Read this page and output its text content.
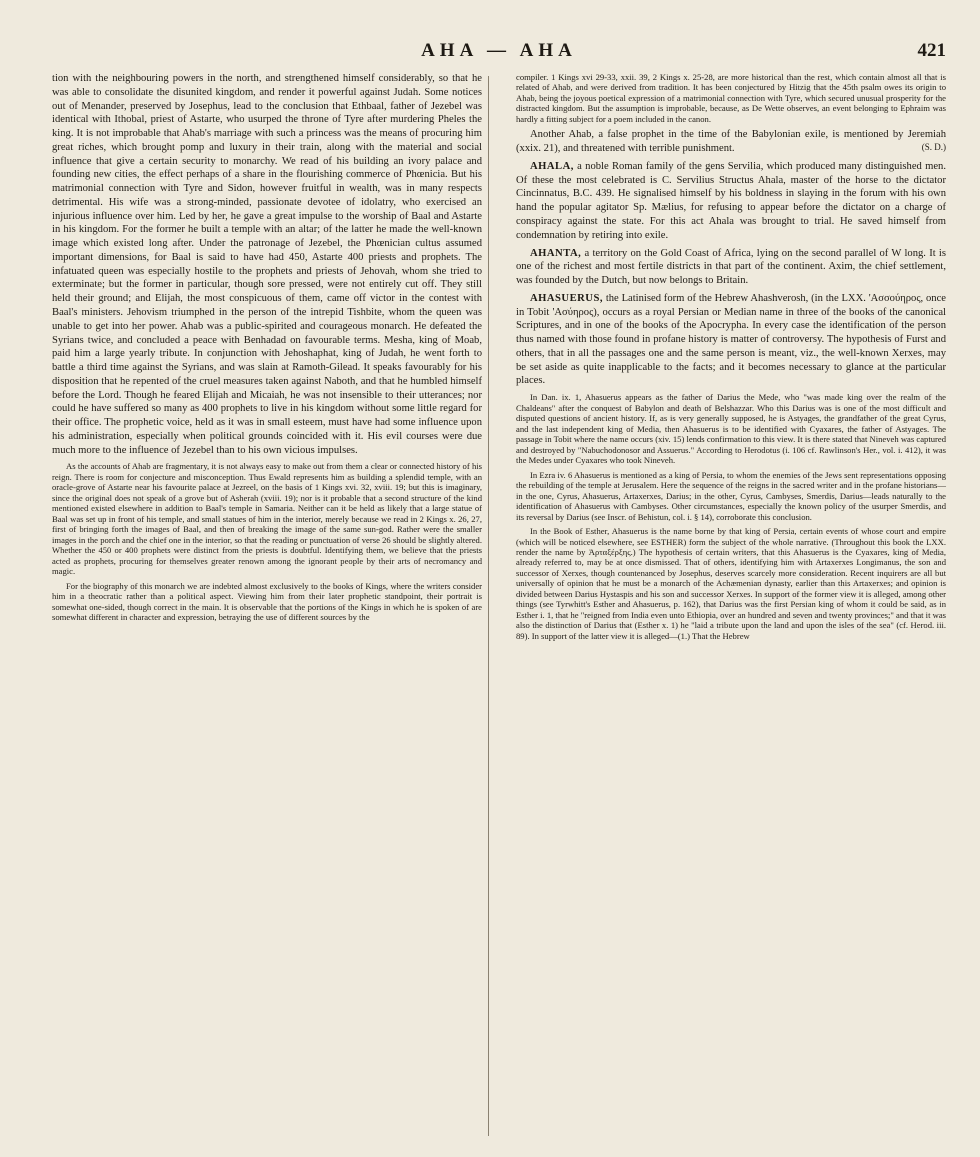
AHA — AHA	421

tion with the neighbouring powers in the north, and strengthened himself considerably, so that he was able to consolidate the disunited kingdom, and render it powerful against Judah. Some notices out of Menander, preserved by Josephus, lead to the conclusion that Ethbaal, father of Jezebel was identical with Ithobal, priest of Astarte, who usurped the throne of Tyre after murdering Pheles the king. It is not improbable that Ahab's marriage with such a princess was the means of procuring him great riches, which brought pomp and luxury in their train, along with the material and social influence that give a certain security to monarchy. We read of his building an ivory palace and founding new cities, the effect perhaps of a share in the flourishing commerce of Phœnicia. But his matrimonial connection with Tyre and Sidon, however fruitful in wealth, was in many respects detrimental. His wife was a strong-minded, passionate devotee of idolatry, who exercised an injurious influence over him. Led by her, he gave a great impulse to the worship of Baal and Astarte in his kingdom. For the former he built a temple with an altar; of the latter he made the well-known image which existed long after. Under the patronage of Jezebel, the Phœnician cultus assumed important dimensions, for Baal is said to have had 450, Astarte 400 priests and prophets. The infatuated queen was especially hostile to the prophets and priests of Jehovah, whom she tried to exterminate; but the former in particular, though sore pressed, were not entirely cut off. They still held their ground; and Elijah, the most conspicuous of them, came off victor in the contest with Baal's ministers. Jehovism triumphed in the person of the intrepid Tishbite, whom the queen was unable to get into her power. Ahab was a public-spirited and courageous monarch. He defeated the Syrians twice, and concluded a peace with Benhadad on favourable terms. Mesha, king of Moab, paid him a large yearly tribute. In conjunction with Jehoshaphat, king of Judah, he went forth to battle a third time against the Syrians, and was slain at Ramoth-Gilead. It speaks favourably for his disposition that he repented of the cruel measures taken against Naboth, and that he humbled himself before the Lord. Though he feared Elijah and Micaiah, he was not insensible to their utterances; nor could he have suffered so many as 400 prophets to live in his kingdom without some little regard for their office. The prophetic voice, held as it was in small esteem, must have had some influence upon his administration, especially when political grounds coincided with it. His evil courses were due much more to the influence of Jezebel than to his own vicious impulses.

As the accounts of Ahab are fragmentary, it is not always easy to make out from them a clear or connected history of his reign. There is room for conjecture and misconception. Thus Ewald represents him as building a splendid temple, with an oracle-grove of Astarte near his favourite palace at Jezreel, on the basis of 1 Kings xvi. 32, xviii. 19; but this is imaginary, since the original does not speak of a grove but of Asherah (xviii. 19); nor is it probable that a second structure of the kind mentioned existed elsewhere in addition to Baal's temple in Samaria. Neither can it be held as likely that a large statue of Baal was set up in front of his temple, and small statues of him in the interior, merely because we read in 2 Kings x. 26, 27, first of bringing forth the images of Baal, and then of breaking the image of the same sun-god. Rather were the smaller images in the porch and the chief one in the interior, so that the reading or punctuation of verse 26 should be slightly altered. Whether the 450 or 400 prophets were distinct from the priests is doubtful. Identifying them, we believe that the priests acted as prophets, procuring for themselves greater renown among the ignorant people by their arts of necromancy and magic.

For the biography of this monarch we are indebted almost exclusively to the books of Kings, where the writers consider him in a theocratic rather than a political aspect. Viewing him from their later prophetic standpoint, their portrait is somewhat one-sided, though correct in the main. It is observable that the portions of the Kings in which he is spoken of are somewhat different in character and expression, betraying the use of different sources by the

compiler. 1 Kings xvi 29-33, xxii. 39, 2 Kings x. 25-28, are more historical than the rest, which contain almost all that is related of Ahab, and were derived from tradition. It has been conjectured by Hitzig that the 45th psalm owes its origin to Ahab, being the joyous poetical expression of a matrimonial connection with Tyre, which secured unusual prosperity for the distracted kingdom. But the assumption is improbable, because, as De Wette observes, an event belonging to Ephraim was hardly a fitting subject for a poem included in the canon.

Another Ahab, a false prophet in the time of the Babylonian exile, is mentioned by Jeremiah (xxix. 21), and threatened with terrible punishment.	(S. D.)

AHALA, a noble Roman family of the gens Servilia, which produced many distinguished men. Of these the most celebrated is C. Servilius Structus Ahala, master of the horse to the dictator Cincinnatus, B.C. 439. He signalised himself by his boldness in slaying in the forum with his own hand the popular agitator Sp. Mælius, for refusing to appear before the dictator on a charge of conspiracy against the state. For this act Ahala was brought to trial. He saved himself from condemnation by retiring into exile.

AHANTA, a territory on the Gold Coast of Africa, lying on the second parallel of W long. It is one of the richest and most fertile districts in that part of the continent. Axim, the chief settlement, was founded by the Dutch, but now belongs to Britain.

AHASUERUS, the Latinised form of the Hebrew Ahashverosh, (in the LXX. 'Ασσούηρος, once in Tobit 'Ασύηρος), occurs as a royal Persian or Median name in three of the books of the canonical Scriptures, and in one of the books of the Apocrypha. In every case the identification of the person thus named with those found in profane history is matter of controversy. The hypothesis of Furst and others, that in all the passages one and the same person is meant, viz., the well-known Xerxes, may be set aside as quite inapplicable to the facts; and it becomes necessary to glance at the particular places.

In Dan. ix. 1, Ahasuerus appears as the father of Darius the Mede, who "was made king over the realm of the Chaldeans" after the conquest of Babylon and death of Belshazzar. Who this Darius was is one of the most difficult and disputed questions of ancient history. If, as is very generally supposed, he is Astyages, the grandfather of the great Cyrus, and the last independent king of Media, then Ahasuerus is to be identified with Cyaxares, the father of Astyages. The passage in Tobit where the name occurs (xiv. 15) lends confirmation to this view. It is there stated that Nineveh was captured and destroyed by "Nabuchodonosor and Assuerus." According to Herodotus (i. 106 cf. Rawlinson's Her., vol. i. 412), it was the Medes under Cyaxares who took Nineveh.

In Ezra iv. 6 Ahasuerus is mentioned as a king of Persia, to whom the enemies of the Jews sent representations opposing the rebuilding of the temple at Jerusalem. Here the sequence of the reigns in the sacred writer and in the profane historians—in the one, Cyrus, Ahasuerus, Artaxerxes, Darius; in the other, Cyrus, Cambyses, Smerdis, Darius—leads naturally to the identification of Ahasuerus with Cambyses. Other circumstances, especially the known policy of the usurper Smerdis, and its reversal by Darius (see Inscr. of Behistun, col. i. § 14), corroborate this conclusion.

In the Book of Esther, Ahasuerus is the name borne by that king of Persia, certain events of whose court and empire (which will be noticed elsewhere, see ESTHER) form the subject of the whole narrative. (Throughout this book the LXX. render the name by Ἀρταξέρξης.) The hypothesis of certain writers, that this Ahasuerus is the Cyaxares, king of Media, already referred to, may be at once dismissed. That of others, identifying him with Artaxerxes Longimanus, the son and successor of Xerxes, though countenanced by Josephus, deserves scarcely more consideration. Recent inquirers are all but universally of opinion that he must be a monarch of the Achæmenian dynasty, earlier than this Artaxerxes; and opinion is divided between Darius Hystaspis and his son and successor Xerxes. In support of the former view it is alleged, among other things (see Tyrwhitt's Esther and Ahasuerus, p. 162), that Darius was the first Persian king of whom it could be said, as in Esther i. 1, that he "reigned from India even unto Ethiopia, over an hundred and seven and twenty provinces;" and that it was also the distinction of Darius that (Esther x. 1) he "laid a tribute upon the land and upon the isles of the sea" (cf. Herod. iii. 89). In support of the latter view it is alleged—(1.) That the Hebrew
